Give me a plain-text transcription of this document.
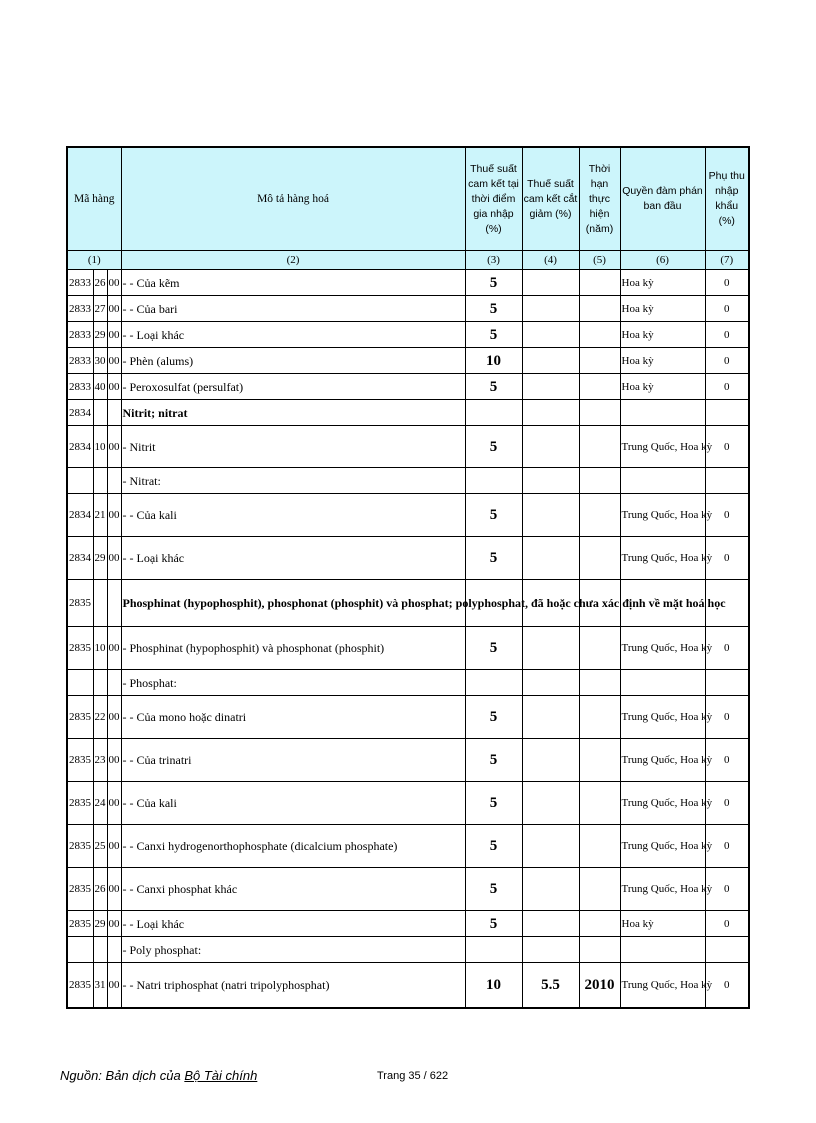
Mã hàng			Mô tả hàng hoá	Thuế suất cam kết tại thời điểm gia nhập (%)	Thuế suất cam kết cắt giảm (%)	Thời hạn thực hiện (năm)	Quyền đàm phán ban đầu	Phụ thu nhập khẩu (%)
(1)			(2)	(3)	(4)	(5)	(6)	(7)
2833	26	00	- - Của kẽm	5			Hoa kỳ	0
2833	27	00	- - Của bari	5			Hoa kỳ	0
2833	29	00	- - Loại khác	5			Hoa kỳ	0
2833	30	00	- Phèn (alums)	10			Hoa kỳ	0
2833	40	00	- Peroxosulfat (persulfat)	5			Hoa kỳ	0
2834			Nitrit; nitrat					
2834	10	00	- Nitrit	5			Trung Quốc, Hoa kỳ	0
			- Nitrat:					
2834	21	00	- - Của kali	5			Trung Quốc, Hoa kỳ	0
2834	29	00	- - Loại khác	5			Trung Quốc, Hoa kỳ	0
2835			Phosphinat (hypophosphit), phosphonat (phosphit) và phosphat; polyphosphat, đã hoặc chưa xác định về mặt hoá học					
2835	10	00	- Phosphinat (hypophosphit) và phosphonat (phosphit)	5			Trung Quốc, Hoa kỳ	0
			- Phosphat:					
2835	22	00	- - Của mono hoặc dinatri	5			Trung Quốc, Hoa kỳ	0
2835	23	00	- - Của trinatri	5			Trung Quốc, Hoa kỳ	0
2835	24	00	- - Của kali	5			Trung Quốc, Hoa kỳ	0
2835	25	00	- - Canxi hydrogenorthophosphate (dicalcium phosphate)	5			Trung Quốc, Hoa kỳ	0
2835	26	00	- - Canxi phosphat khác	5			Trung Quốc, Hoa kỳ	0
2835	29	00	- - Loại khác	5			Hoa kỳ	0
			- Poly phosphat:					
2835	31	00	- - Natri triphosphat (natri tripolyphosphat)	10	5.5	2010	Trung Quốc, Hoa kỳ	0
Nguồn: Bản dịch của Bộ Tài chính	Trang 35 / 622
